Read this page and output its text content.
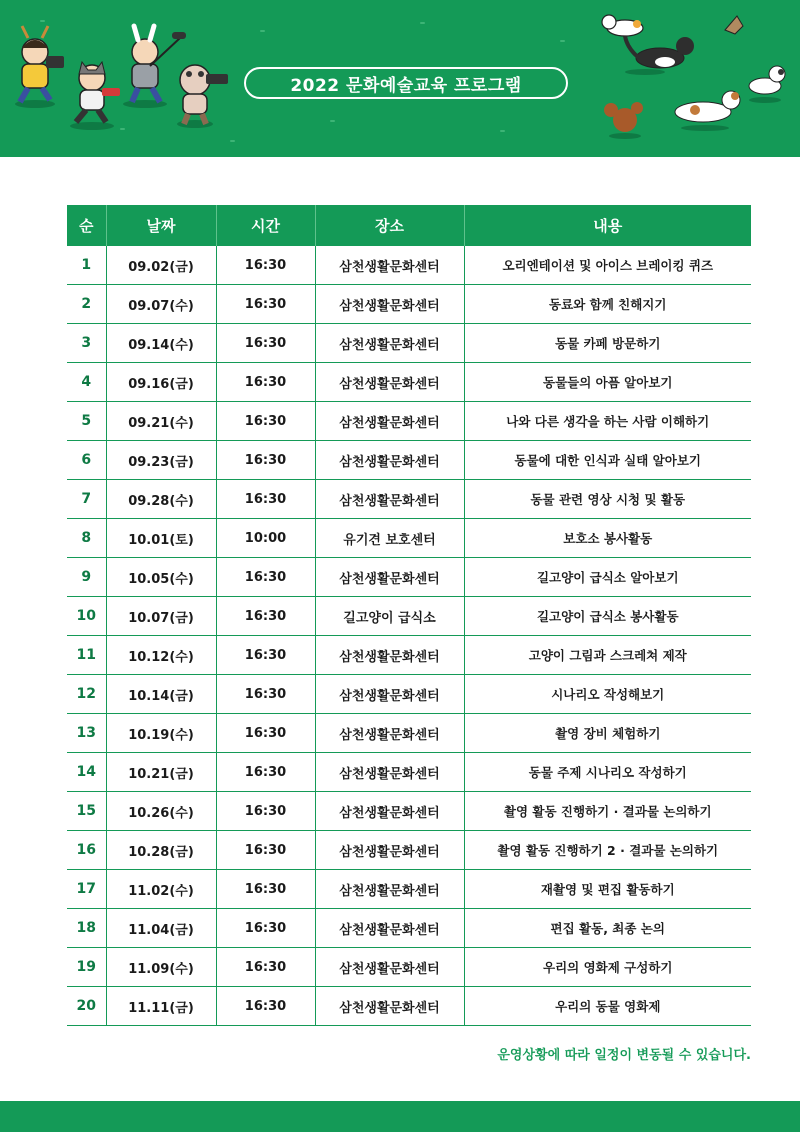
2022 문화예술교육 프로그램
순	날짜	시간	장소	내용
1	09.02(금)	16:30	삼천생활문화센터	오리엔테이션 및 아이스 브레이킹 퀴즈
2	09.07(수)	16:30	삼천생활문화센터	동료와 함께 친해지기
3	09.14(수)	16:30	삼천생활문화센터	동물 카페 방문하기
4	09.16(금)	16:30	삼천생활문화센터	동물들의 아픔 알아보기
5	09.21(수)	16:30	삼천생활문화센터	나와 다른 생각을 하는 사람 이해하기
6	09.23(금)	16:30	삼천생활문화센터	동물에 대한 인식과 실태 알아보기
7	09.28(수)	16:30	삼천생활문화센터	동물 관련 영상 시청 및 활동
8	10.01(토)	10:00	유기견 보호센터	보호소 봉사활동
9	10.05(수)	16:30	삼천생활문화센터	길고양이 급식소 알아보기
10	10.07(금)	16:30	길고양이 급식소	길고양이 급식소 봉사활동
11	10.12(수)	16:30	삼천생활문화센터	고양이 그림과 스크레쳐 제작
12	10.14(금)	16:30	삼천생활문화센터	시나리오 작성해보기
13	10.19(수)	16:30	삼천생활문화센터	촬영 장비 체험하기
14	10.21(금)	16:30	삼천생활문화센터	동물 주제 시나리오 작성하기
15	10.26(수)	16:30	삼천생활문화센터	촬영 활동 진행하기 · 결과물 논의하기
16	10.28(금)	16:30	삼천생활문화센터	촬영 활동 진행하기 2 · 결과물 논의하기
17	11.02(수)	16:30	삼천생활문화센터	재촬영 및 편집 활동하기
18	11.04(금)	16:30	삼천생활문화센터	편집 활동, 최종 논의
19	11.09(수)	16:30	삼천생활문화센터	우리의 영화제 구성하기
20	11.11(금)	16:30	삼천생활문화센터	우리의 동물 영화제
운영상황에 따라 일정이 변동될 수 있습니다.
